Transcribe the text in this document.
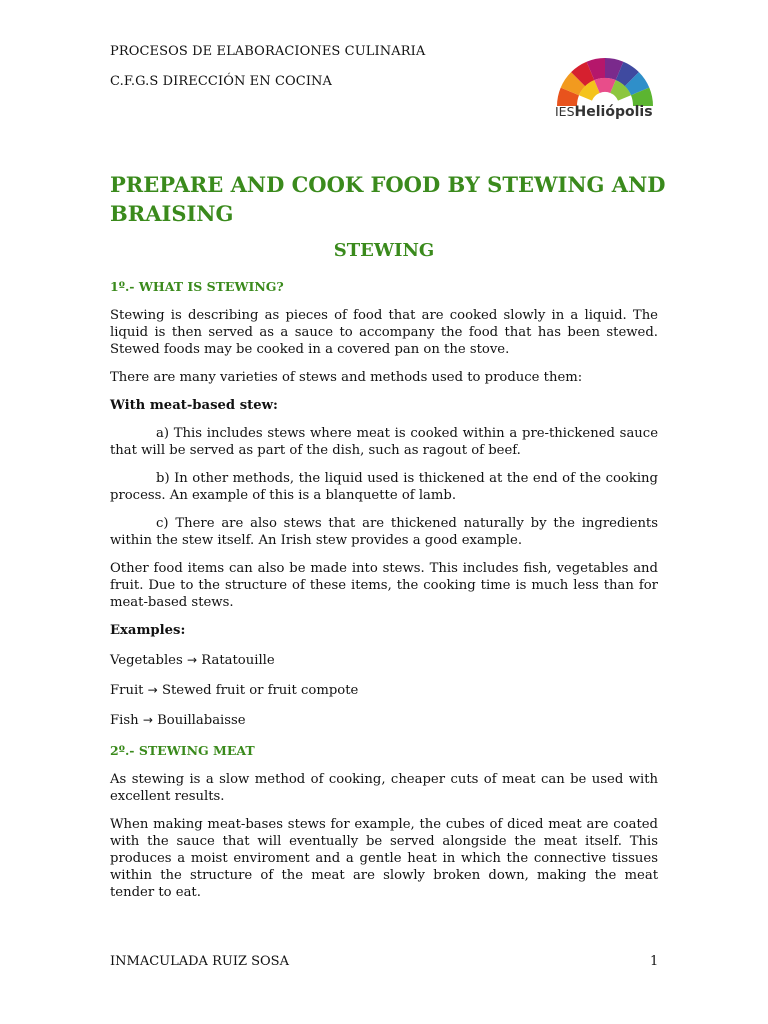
PROCESOS DE ELABORACIONES CULINARIA
C.F.G.S DIRECCIÓN EN COCINA
IESHeliópolis
PREPARE AND COOK FOOD BY STEWING AND BRAISING
STEWING
1º.- WHAT IS STEWING?
Stewing is describing as pieces of food that are cooked slowly in a liquid. The liquid is then served as a sauce to accompany the food that has been stewed. Stewed foods may be cooked in a covered pan on the stove.
There are many varieties of stews and methods used to produce them:
With meat-based stew:
a) This includes stews where meat is cooked within a pre-thickened sauce that will be served as part of the dish, such as ragout of beef.
b) In other methods, the liquid used is thickened at the end of the cooking process. An example of this is a blanquette of lamb.
c) There are also stews that are thickened naturally by the ingredients within the stew itself. An Irish stew provides a good example.
Other food items can also be made into stews. This includes fish, vegetables and fruit. Due to the structure of these items, the cooking time is much less than for meat-based stews.
Examples:
Vegetables → Ratatouille
Fruit → Stewed fruit or fruit compote
Fish → Bouillabaisse
2º.- STEWING MEAT
As stewing is a slow method of cooking, cheaper cuts of meat can be used with excellent results.
When making meat-bases stews for example, the cubes of diced meat are coated with the sauce that will eventually be served alongside the meat itself. This produces a moist enviroment and a gentle heat in which the connective tissues within the structure of the meat are slowly broken down, making the meat tender to eat.
INMACULADA RUIZ SOSA	1
